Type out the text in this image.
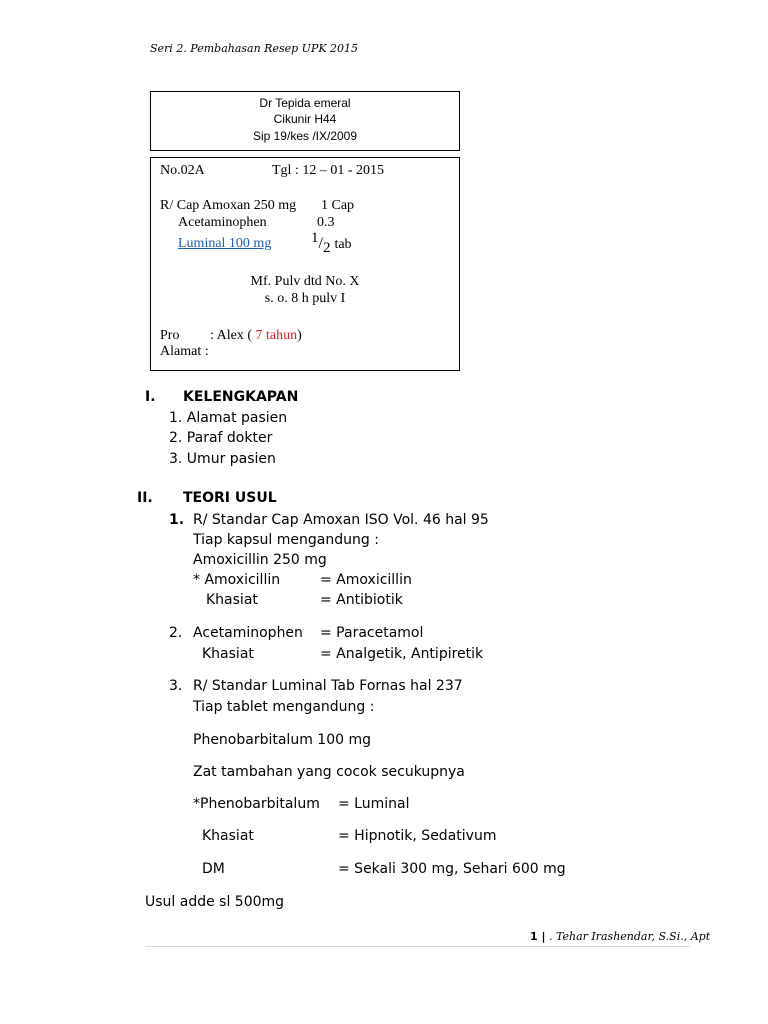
Seri 2. Pembahasan Resep UPK 2015
Dr Tepida emeral
Cikunir H44
Sip 19/kes /IX/2009
No.02A	Tgl : 12 – 01 - 2015
R/ Cap Amoxan 250 mg 1 Cap
Acetaminophen	0.3
Luminal 100 mg	$^1/_2$ tab
Mf. Pulv dtd No. X
s. o. 8 h pulv I
Pro : Alex ( 7 tahun)
Alamat :
I. KELENGKAPAN
1. Alamat pasien
2. Paraf dokter
3. Umur pasien
II. TEORI USUL
1. R/ Standar Cap Amoxan ISO Vol. 46 hal 95
Tiap kapsul mengandung :
Amoxicillin 250 mg
* Amoxicillin	= Amoxicillin
Khasiat	= Antibiotik
2. Acetaminophen = Paracetamol
Khasiat	= Analgetik, Antipiretik
3. R/ Standar Luminal Tab Fornas hal 237
Tiap tablet mengandung :
Phenobarbitalum 100 mg
Zat tambahan yang cocok secukupnya
*Phenobarbitalum = Luminal
Khasiat	= Hipnotik, Sedativum
DM	= Sekali 300 mg, Sehari 600 mg
Usul adde sl 500mg
1 | . Tehar Irashendar, S.Si., Apt
